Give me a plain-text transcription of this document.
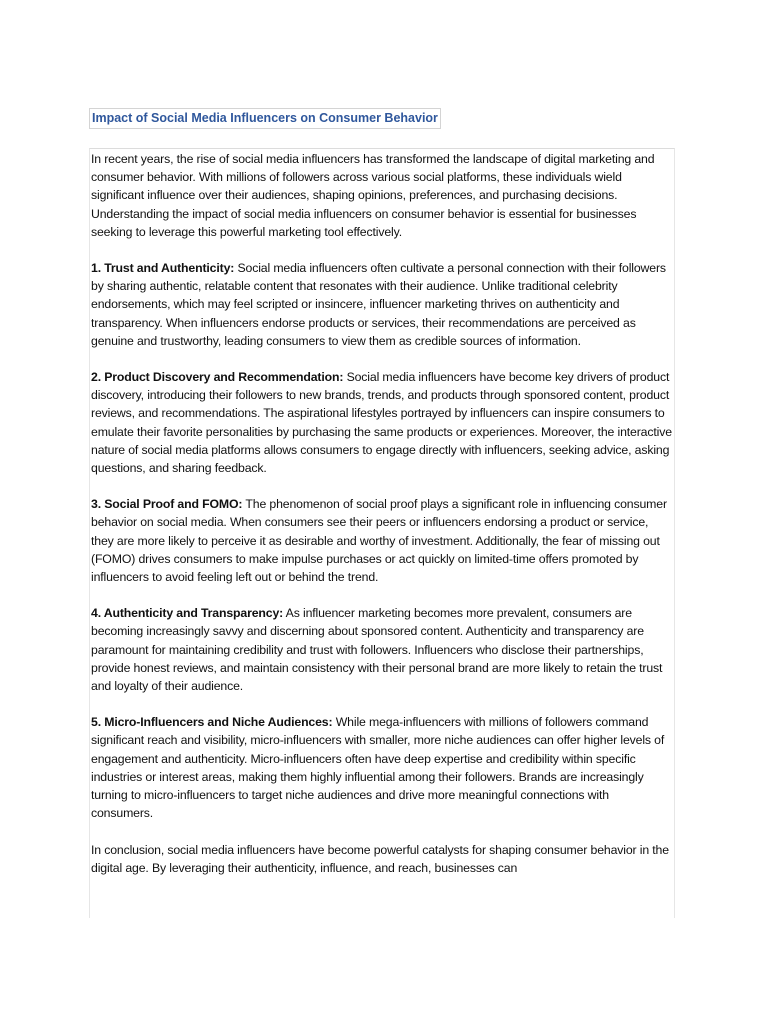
Impact of Social Media Influencers on Consumer Behavior

In recent years, the rise of social media influencers has transformed the landscape of digital marketing and consumer behavior. With millions of followers across various social platforms, these individuals wield significant influence over their audiences, shaping opinions, preferences, and purchasing decisions. Understanding the impact of social media influencers on consumer behavior is essential for businesses seeking to leverage this powerful marketing tool effectively.

1. Trust and Authenticity: Social media influencers often cultivate a personal connection with their followers by sharing authentic, relatable content that resonates with their audience. Unlike traditional celebrity endorsements, which may feel scripted or insincere, influencer marketing thrives on authenticity and transparency. When influencers endorse products or services, their recommendations are perceived as genuine and trustworthy, leading consumers to view them as credible sources of information.

2. Product Discovery and Recommendation: Social media influencers have become key drivers of product discovery, introducing their followers to new brands, trends, and products through sponsored content, product reviews, and recommendations. The aspirational lifestyles portrayed by influencers can inspire consumers to emulate their favorite personalities by purchasing the same products or experiences. Moreover, the interactive nature of social media platforms allows consumers to engage directly with influencers, seeking advice, asking questions, and sharing feedback.

3. Social Proof and FOMO: The phenomenon of social proof plays a significant role in influencing consumer behavior on social media. When consumers see their peers or influencers endorsing a product or service, they are more likely to perceive it as desirable and worthy of investment. Additionally, the fear of missing out (FOMO) drives consumers to make impulse purchases or act quickly on limited-time offers promoted by influencers to avoid feeling left out or behind the trend.

4. Authenticity and Transparency: As influencer marketing becomes more prevalent, consumers are becoming increasingly savvy and discerning about sponsored content. Authenticity and transparency are paramount for maintaining credibility and trust with followers. Influencers who disclose their partnerships, provide honest reviews, and maintain consistency with their personal brand are more likely to retain the trust and loyalty of their audience.

5. Micro-Influencers and Niche Audiences: While mega-influencers with millions of followers command significant reach and visibility, micro-influencers with smaller, more niche audiences can offer higher levels of engagement and authenticity. Micro-influencers often have deep expertise and credibility within specific industries or interest areas, making them highly influential among their followers. Brands are increasingly turning to micro-influencers to target niche audiences and drive more meaningful connections with consumers.

In conclusion, social media influencers have become powerful catalysts for shaping consumer behavior in the digital age. By leveraging their authenticity, influence, and reach, businesses can
